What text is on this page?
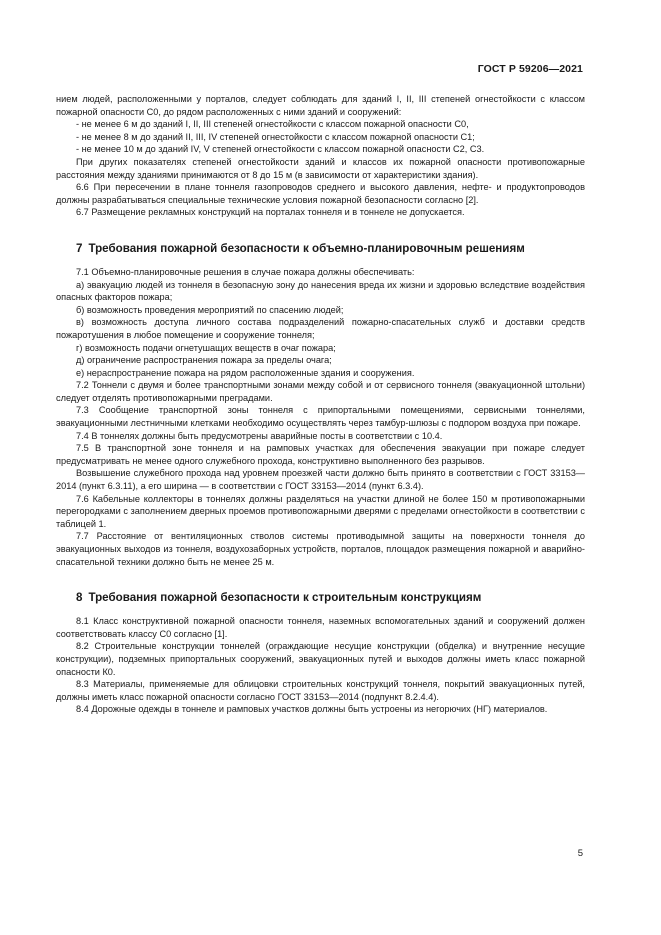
ГОСТ Р 59206—2021

нием людей, расположенными у порталов, следует соблюдать для зданий I, II, III степеней огнестойкости с классом пожарной опасности С0, до рядом расположенных с ними зданий и сооружений:

- не менее 6 м до зданий I, II, III степеней огнестойкости с классом пожарной опасности С0,

- не менее 8 м до зданий II, III, IV степеней огнестойкости с классом пожарной опасности С1;

- не менее 10 м до зданий IV, V степеней огнестойкости с классом пожарной опасности С2, С3.

При других показателях степеней огнестойкости зданий и классов их пожарной опасности противопожарные расстояния между зданиями принимаются от 8 до 15 м (в зависимости от характеристики здания).

6.6 При пересечении в плане тоннеля газопроводов среднего и высокого давления, нефте- и продуктопроводов должны разрабатываться специальные технические условия пожарной безопасности согласно [2].

6.7 Размещение рекламных конструкций на порталах тоннеля и в тоннеле не допускается.

7 Требования пожарной безопасности к объемно-планировочным решениям

7.1 Объемно-планировочные решения в случае пожара должны обеспечивать:

а) эвакуацию людей из тоннеля в безопасную зону до нанесения вреда их жизни и здоровью вследствие воздействия опасных факторов пожара;

б) возможность проведения мероприятий по спасению людей;

в) возможность доступа личного состава подразделений пожарно-спасательных служб и доставки средств пожаротушения в любое помещение и сооружение тоннеля;

г) возможность подачи огнетушащих веществ в очаг пожара;

д) ограничение распространения пожара за пределы очага;

е) нераспространение пожара на рядом расположенные здания и сооружения.

7.2 Тоннели с двумя и более транспортными зонами между собой и от сервисного тоннеля (эвакуационной штольни) следует отделять противопожарными преградами.

7.3 Сообщение транспортной зоны тоннеля с припортальными помещениями, сервисными тоннелями, эвакуационными лестничными клетками необходимо осуществлять через тамбур-шлюзы с подпором воздуха при пожаре.

7.4 В тоннелях должны быть предусмотрены аварийные посты в соответствии с 10.4.

7.5 В транспортной зоне тоннеля и на рамповых участках для обеспечения эвакуации при пожаре следует предусматривать не менее одного служебного прохода, конструктивно выполненного без разрывов.

Возвышение служебного прохода над уровнем проезжей части должно быть принято в соответствии с ГОСТ 33153—2014 (пункт 6.3.11), а его ширина — в соответствии с ГОСТ 33153—2014 (пункт 6.3.4).

7.6 Кабельные коллекторы в тоннелях должны разделяться на участки длиной не более 150 м противопожарными перегородками с заполнением дверных проемов противопожарными дверями с пределами огнестойкости в соответствии с таблицей 1.

7.7 Расстояние от вентиляционных стволов системы противодымной защиты на поверхности тоннеля до эвакуационных выходов из тоннеля, воздухозаборных устройств, порталов, площадок размещения пожарной и аварийно-спасательной техники должно быть не менее 25 м.

8 Требования пожарной безопасности к строительным конструкциям

8.1 Класс конструктивной пожарной опасности тоннеля, наземных вспомогательных зданий и сооружений должен соответствовать классу С0 согласно [1].

8.2 Строительные конструкции тоннелей (ограждающие несущие конструкции (обделка) и внутренние несущие конструкции), подземных припортальных сооружений, эвакуационных путей и выходов должны иметь класс пожарной опасности К0.

8.3 Материалы, применяемые для облицовки строительных конструкций тоннеля, покрытий эвакуационных путей, должны иметь класс пожарной опасности согласно ГОСТ 33153—2014 (подпункт 8.2.4.4).

8.4 Дорожные одежды в тоннеле и рамповых участков должны быть устроены из негорючих (НГ) материалов.

5
